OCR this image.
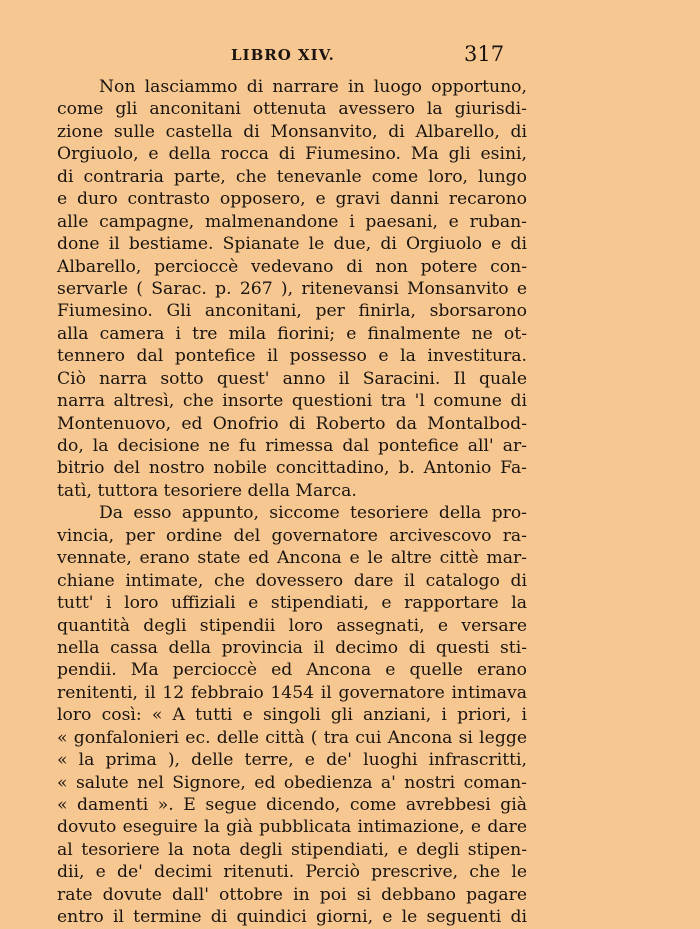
LIBRO XIV.	317
Non lasciammo di narrare in luogo opportuno,
come gli anconitani ottenuta avessero la giurisdi-
zione sulle castella di Monsanvito, di Albarello, di
Orgiuolo, e della rocca di Fiumesino. Ma gli esini,
di contraria parte, che tenevanle come loro, lungo
e duro contrasto opposero, e gravi danni recarono
alle campagne, malmenandone i paesani, e ruban-
done il bestiame. Spianate le due, di Orgiuolo e di
Albarello, percioccè vedevano di non potere con-
servarle ( Sarac. p. 267 ), ritenevansi Monsanvito e
Fiumesino. Gli anconitani, per finirla, sborsarono
alla camera i tre mila fiorini; e finalmente ne ot-
tennero dal pontefice il possesso e la investitura.
Ciò narra sotto quest' anno il Saracini. Il quale
narra altresì, che insorte questioni tra 'l comune di
Montenuovo, ed Onofrio di Roberto da Montalbod-
do, la decisione ne fu rimessa dal pontefice all' ar-
bitrio del nostro nobile concittadino, b. Antonio Fa-
tatì, tuttora tesoriere della Marca.
Da esso appunto, siccome tesoriere della pro-
vincia, per ordine del governatore arcivescovo ra-
vennate, erano state ed Ancona e le altre cittè mar-
chiane intimate, che dovessero dare il catalogo di
tutt' i loro uffiziali e stipendiati, e rapportare la
quantità degli stipendii loro assegnati, e versare
nella cassa della provincia il decimo di questi sti-
pendii. Ma percioccè ed Ancona e quelle erano
renitenti, il 12 febbraio 1454 il governatore intimava
loro così: « A tutti e singoli gli anziani, i priori, i
« gonfalonieri ec. delle città ( tra cui Ancona si legge
« la prima ), delle terre, e de' luoghi infrascritti,
« salute nel Signore, ed obedienza a' nostri coman-
« damenti ». E segue dicendo, come avrebbesi già
dovuto eseguire la già pubblicata intimazione, e dare
al tesoriere la nota degli stipendiati, e degli stipen-
dii, e de' decimi ritenuti. Perciò prescrive, che le
rate dovute dall' ottobre in poi si debbano pagare
entro il termine di quindici giorni, e le seguenti di
